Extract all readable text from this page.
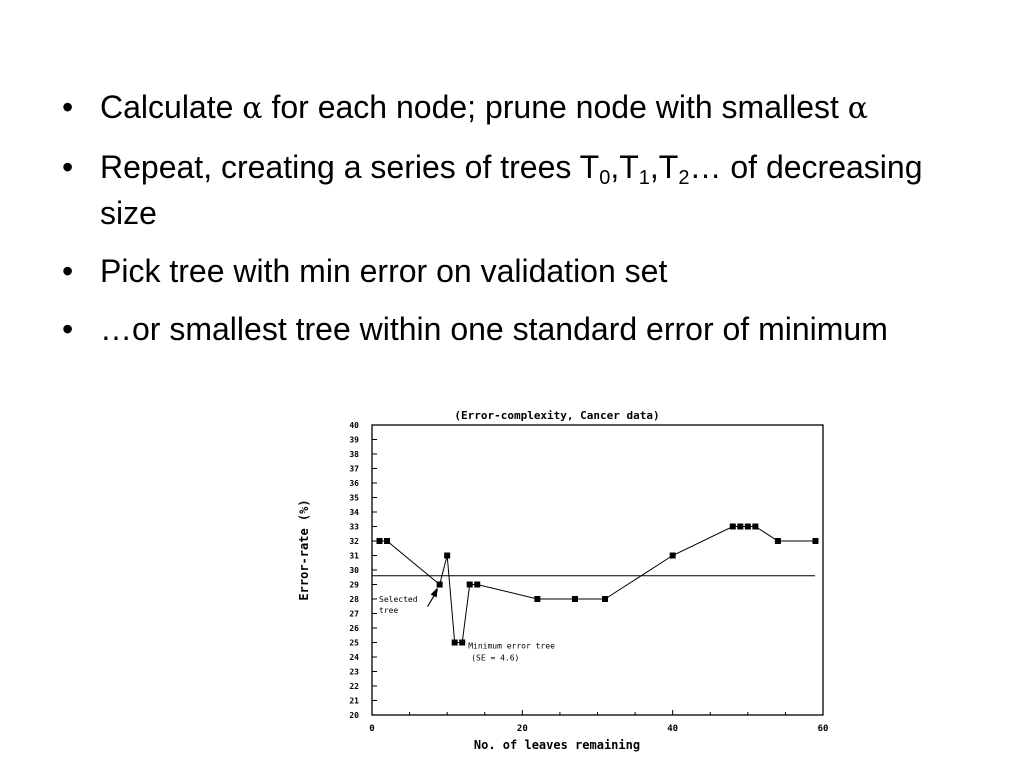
• Calculate α for each node; prune node with smallest α
• Repeat, creating a series of trees $T_0,T_1,T_2\dots$ of decreasing size
• Pick tree with min error on validation set
• …or smallest tree within one standard error of minimum
(Error-complexity, Cancer data)
No. of leaves remaining
Error-rate (%)
20
21
22
23
24
25
26
27
28
29
30
31
32
33
34
35
36
37
38
39
40
0	20	40	60
Selected tree
Minimum error tree (SE = 4.6)
